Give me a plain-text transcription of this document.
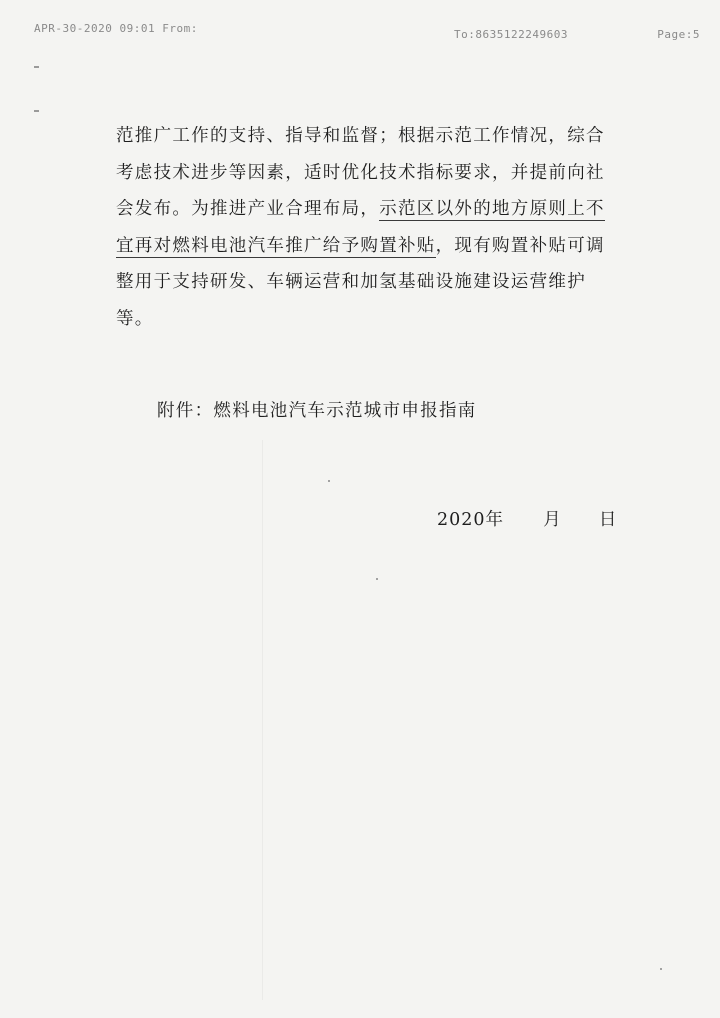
APR-30-2020 09:01 From:	To:8635122249603	Page:5
范推广工作的支持、指导和监督；根据示范工作情况，综合
考虑技术进步等因素，适时优化技术指标要求，并提前向社
会发布。为推进产业合理布局，示范区以外的地方原则上不
宜再对燃料电池汽车推广给予购置补贴，现有购置补贴可调
整用于支持研发、车辆运营和加氢基础设施建设运营维护
等。
附件：燃料电池汽车示范城市申报指南
2020年 月 日
